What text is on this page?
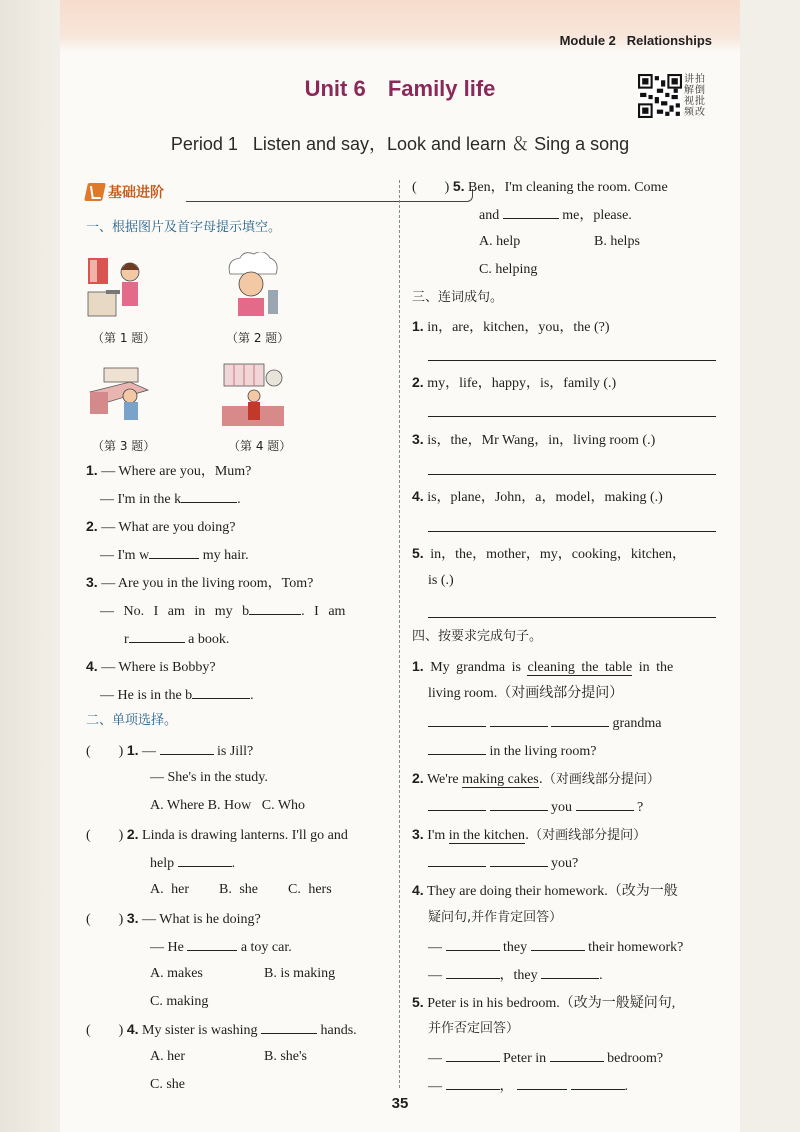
Module 2 Relationships
Unit 6 Family life	讲拍解倒视批频改
Period 1 Listen and say，Look and learn ＆ Sing a song
基础进阶
一、根据图片及首字母提示填空。
（第 1 题）	（第 2 题）
（第 3 题）	（第 4 题）
1. — Where are you，Mum?
— I'm in the k	.
2. — What are you doing?
— I'm w	my hair.
3. — Are you in the living room，Tom?
— No. I am in my b	. I am
r	a book.
4. — Where is Bobby?
— He is in the b	.
二、单项选择。
(　　) 1. —	is Jill?
— She's in the study.
A. Where B. How C. Who
(　　) 2. Linda is drawing lanterns. I'll go and
help	.
A. her B. she C. hers
(　　) 3. — What is he doing?
— He	a toy car.
A. makes	B. is making
C. making
(　　) 4. My sister is washing	hands.
A. her	B. she's
C. she
(　　) 5. Ben，I'm cleaning the room. Come
and	me，please.
A. help	B. helps
C. helping
三、连词成句。
1. in，are，kitchen，you，the (?)
2. my，life，happy，is，family (.)
3. is，the，Mr Wang，in，living room (.)
4. is，plane，John，a，model，making (.)
5. in，the，mother，my，cooking，kitchen，
is (.)
四、按要求完成句子。
1. My grandma is cleaning the table in the
living room.（对画线部分提问）
grandma
in the living room?
2. We're making cakes.（对画线部分提问）
you	?
3. I'm in the kitchen.（对画线部分提问）
you?
4. They are doing their homework.（改为一般
疑问句,并作肯定回答）
—	they	their homework?
—	，they	.
5. Peter is in his bedroom.（改为一般疑问句,
并作否定回答）
—	Peter in	bedroom?
—	，	.
35
